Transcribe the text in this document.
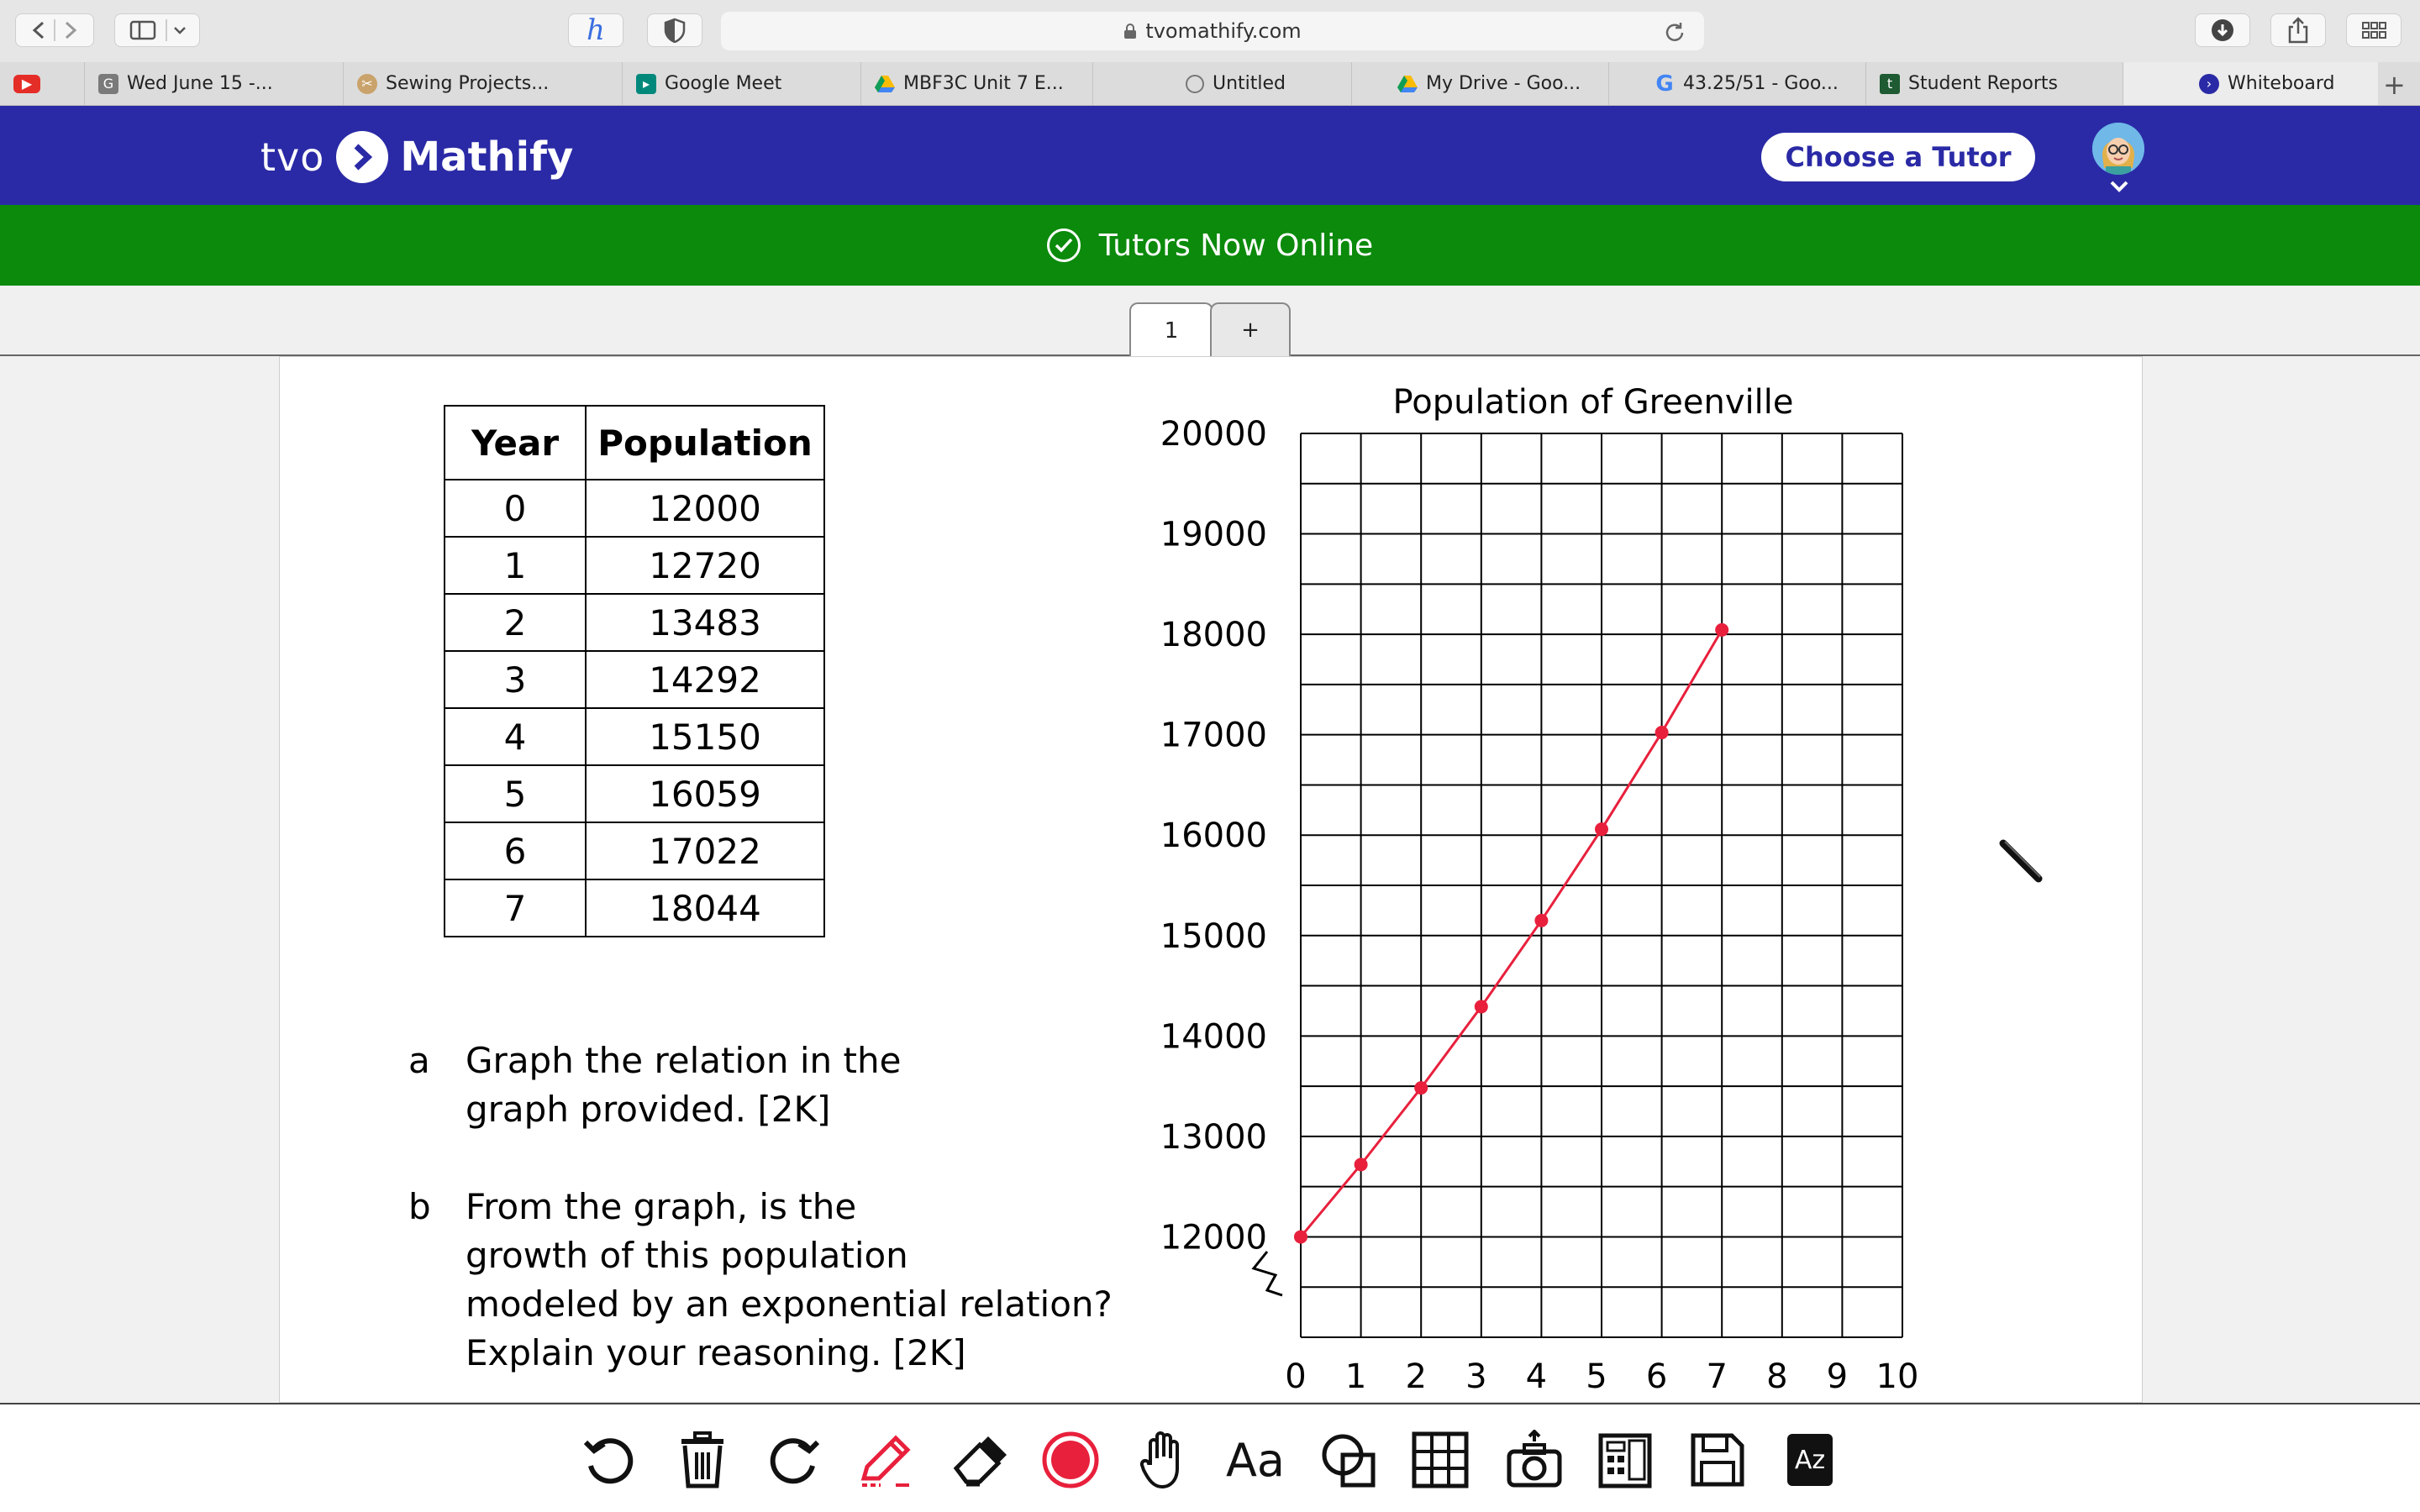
ℎ	tvomathify.com
▶	G Wed June 15 -...	✂ Sewing Projects...	▸ Google Meet	MBF3C Unit 7 E...	Untitled	My Drive - Goo...	G 43.25/51 - Goo...	t Student Reports	› Whiteboard +
tvo Mathify	Choose a Tutor
Tutors Now Online
1	+
Year	Population
0	12000
1	12720
2	13483
3	14292
4	15150
5	16059
6	17022
7	18044
a Graph the relation in the
graph provided. [2K]
b From the graph, is the
growth of this population
modeled by an exponential relation?
Explain your reasoning. [2K]
Population of Greenville
12000
13000
14000
15000
16000
17000
18000
19000
20000
0 1 2 3 4 5 6 7 8 9 10
Aa	Az
